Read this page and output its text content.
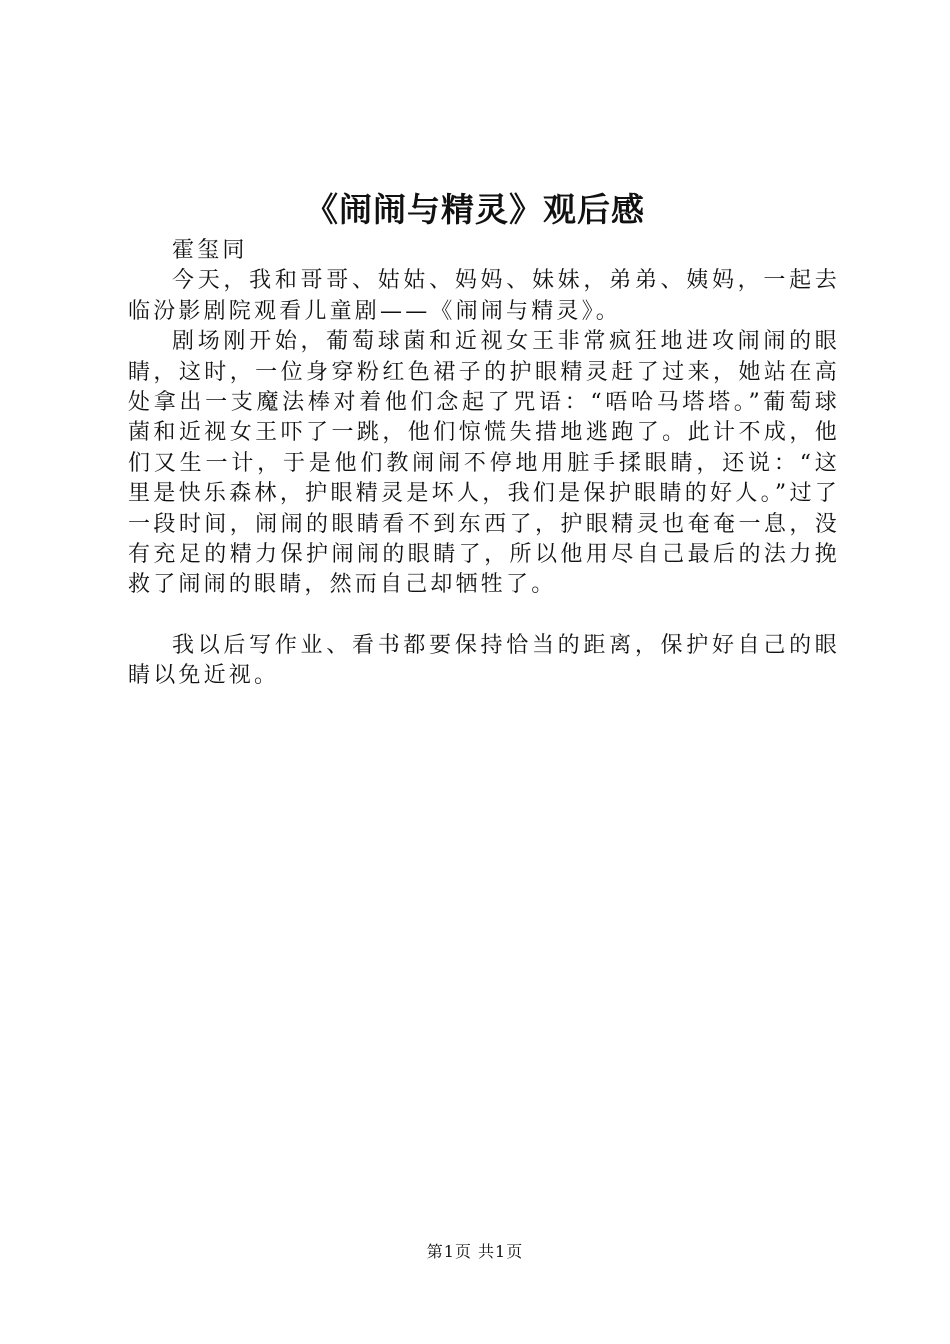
《闹闹与精灵》观后感

霍玺同

今天，我和哥哥、姑姑、妈妈、妹妹，弟弟、姨妈，一起去临汾影剧院观看儿童剧——《闹闹与精灵》。

剧场刚开始，葡萄球菌和近视女王非常疯狂地进攻闹闹的眼睛，这时，一位身穿粉红色裙子的护眼精灵赶了过来，她站在高处拿出一支魔法棒对着他们念起了咒语：“唔哈马塔塔。”葡萄球菌和近视女王吓了一跳，他们惊慌失措地逃跑了。此计不成，他们又生一计，于是他们教闹闹不停地用脏手揉眼睛，还说：“这里是快乐森林，护眼精灵是坏人，我们是保护眼睛的好人。”过了一段时间，闹闹的眼睛看不到东西了，护眼精灵也奄奄一息，没有充足的精力保护闹闹的眼睛了，所以他用尽自己最后的法力挽救了闹闹的眼睛，然而自己却牺牲了。

我以后写作业、看书都要保持恰当的距离，保护好自己的眼睛以免近视。

第1页 共1页
